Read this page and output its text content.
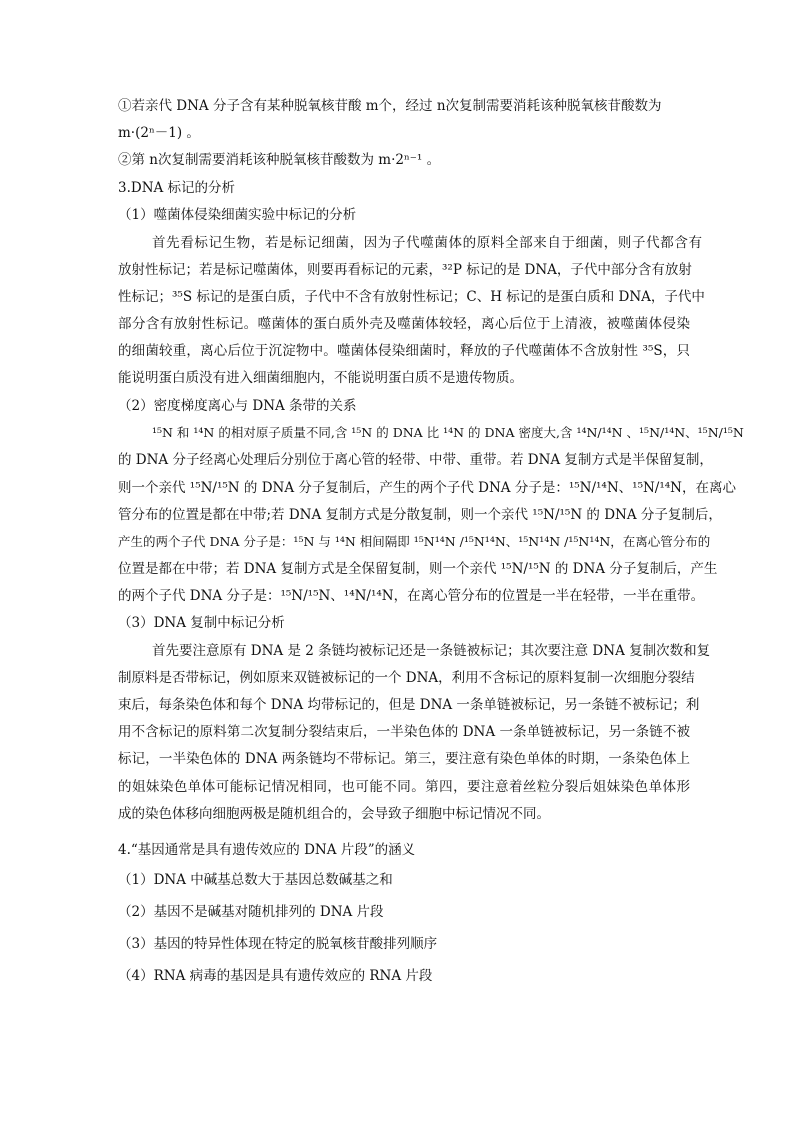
①若亲代 DNA 分子含有某种脱氧核苷酸 m个，经过 n次复制需要消耗该种脱氧核苷酸数为
m·(2ⁿ－1) 。
②第 n次复制需要消耗该种脱氧核苷酸数为 m·2ⁿ⁻¹ 。
3.DNA 标记的分析
（1）噬菌体侵染细菌实验中标记的分析
首先看标记生物，若是标记细菌，因为子代噬菌体的原料全部来自于细菌，则子代都含有
放射性标记；若是标记噬菌体，则要再看标记的元素，³²P 标记的是 DNA，子代中部分含有放射
性标记；³⁵S 标记的是蛋白质，子代中不含有放射性标记；C、H 标记的是蛋白质和 DNA，子代中
部分含有放射性标记。噬菌体的蛋白质外壳及噬菌体较轻，离心后位于上清液，被噬菌体侵染
的细菌较重，离心后位于沉淀物中。噬菌体侵染细菌时，释放的子代噬菌体不含放射性 ³⁵S，只
能说明蛋白质没有进入细菌细胞内，不能说明蛋白质不是遗传物质。
（2）密度梯度离心与 DNA 条带的关系
¹⁵N 和 ¹⁴N 的相对原子质量不同,含 ¹⁵N 的 DNA 比 ¹⁴N 的 DNA 密度大,含 ¹⁴N/¹⁴N 、¹⁵N/¹⁴N、¹⁵N/¹⁵N
的 DNA 分子经离心处理后分别位于离心管的轻带、中带、重带。若 DNA 复制方式是半保留复制，
则一个亲代 ¹⁵N/¹⁵N 的 DNA 分子复制后，产生的两个子代 DNA 分子是：¹⁵N/¹⁴N、¹⁵N/¹⁴N，在离心
管分布的位置是都在中带;若 DNA 复制方式是分散复制，则一个亲代 ¹⁵N/¹⁵N 的 DNA 分子复制后，
产生的两个子代 DNA 分子是：¹⁵N 与 ¹⁴N 相间隔即 ¹⁵N¹⁴N /¹⁵N¹⁴N、¹⁵N¹⁴N /¹⁵N¹⁴N，在离心管分布的
位置是都在中带；若 DNA 复制方式是全保留复制，则一个亲代 ¹⁵N/¹⁵N 的 DNA 分子复制后，产生
的两个子代 DNA 分子是：¹⁵N/¹⁵N、¹⁴N/¹⁴N，在离心管分布的位置是一半在轻带，一半在重带。
（3）DNA 复制中标记分析
首先要注意原有 DNA 是 2 条链均被标记还是一条链被标记；其次要注意 DNA 复制次数和复
制原料是否带标记，例如原来双链被标记的一个 DNA，利用不含标记的原料复制一次细胞分裂结
束后，每条染色体和每个 DNA 均带标记的，但是 DNA 一条单链被标记，另一条链不被标记；利
用不含标记的原料第二次复制分裂结束后，一半染色体的 DNA 一条单链被标记，另一条链不被
标记，一半染色体的 DNA 两条链均不带标记。第三，要注意有染色单体的时期，一条染色体上
的姐妹染色单体可能标记情况相同，也可能不同。第四，要注意着丝粒分裂后姐妹染色单体形
成的染色体移向细胞两极是随机组合的，会导致子细胞中标记情况不同。
4.“基因通常是具有遗传效应的 DNA 片段”的涵义
（1）DNA 中碱基总数大于基因总数碱基之和
（2）基因不是碱基对随机排列的 DNA 片段
（3）基因的特异性体现在特定的脱氧核苷酸排列顺序
（4）RNA 病毒的基因是具有遗传效应的 RNA 片段
